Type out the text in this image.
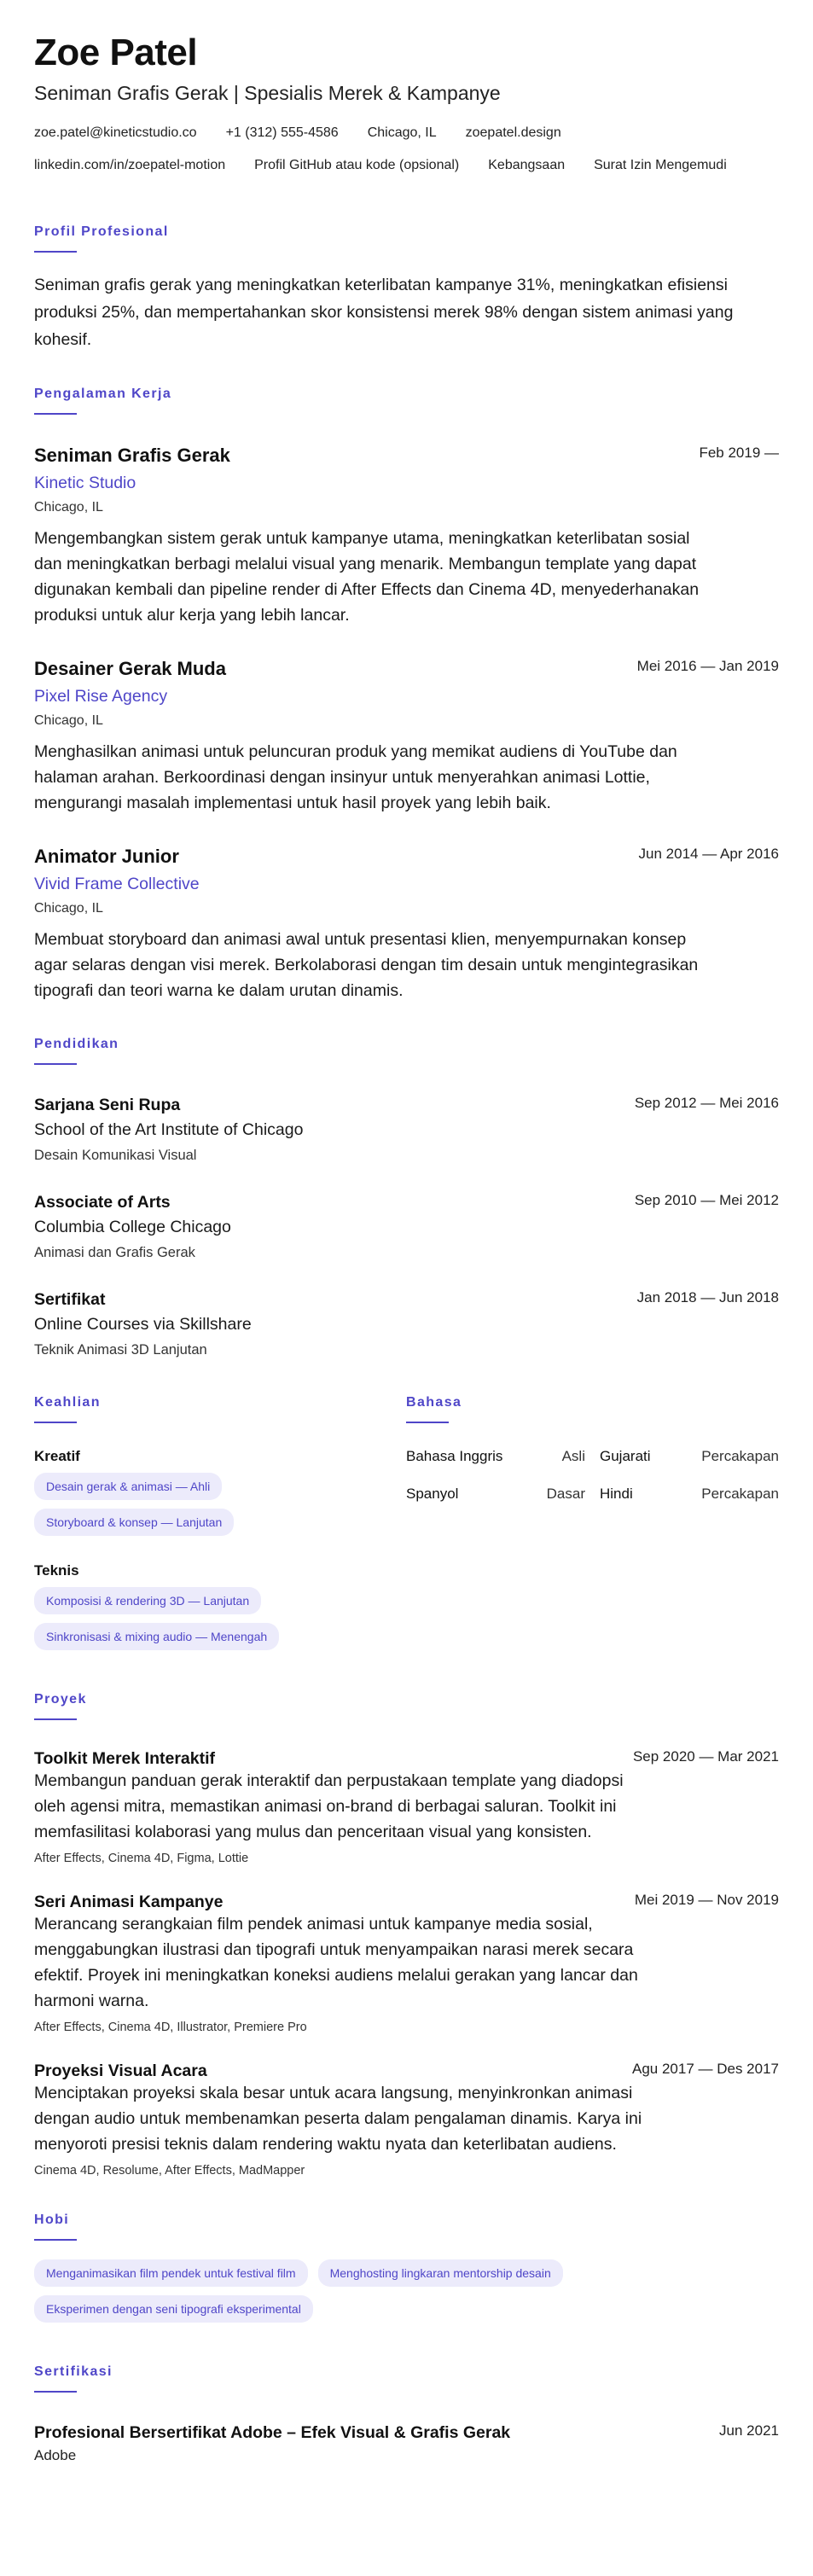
Zoe Patel
Seniman Grafis Gerak | Spesialis Merek & Kampanye
zoe.patel@kineticstudio.co +1 (312) 555-4586 Chicago, IL zoepatel.design
linkedin.com/in/zoepatel-motion Profil GitHub atau kode (opsional) Kebangsaan Surat Izin Mengemudi
Profil Profesional
Seniman grafis gerak yang meningkatkan keterlibatan kampanye 31%, meningkatkan efisiensi produksi 25%, dan mempertahankan skor konsistensi merek 98% dengan sistem animasi yang kohesif.
Pengalaman Kerja
Seniman Grafis Gerak	Feb 2019 —
Kinetic Studio
Chicago, IL
Mengembangkan sistem gerak untuk kampanye utama, meningkatkan keterlibatan sosial dan meningkatkan berbagi melalui visual yang menarik. Membangun template yang dapat digunakan kembali dan pipeline render di After Effects dan Cinema 4D, menyederhanakan produksi untuk alur kerja yang lebih lancar.
Desainer Gerak Muda	Mei 2016 — Jan 2019
Pixel Rise Agency
Chicago, IL
Menghasilkan animasi untuk peluncuran produk yang memikat audiens di YouTube dan halaman arahan. Berkoordinasi dengan insinyur untuk menyerahkan animasi Lottie, mengurangi masalah implementasi untuk hasil proyek yang lebih baik.
Animator Junior	Jun 2014 — Apr 2016
Vivid Frame Collective
Chicago, IL
Membuat storyboard dan animasi awal untuk presentasi klien, menyempurnakan konsep agar selaras dengan visi merek. Berkolaborasi dengan tim desain untuk mengintegrasikan tipografi dan teori warna ke dalam urutan dinamis.
Pendidikan
Sarjana Seni Rupa	Sep 2012 — Mei 2016
School of the Art Institute of Chicago
Desain Komunikasi Visual
Associate of Arts	Sep 2010 — Mei 2012
Columbia College Chicago
Animasi dan Grafis Gerak
Sertifikat	Jan 2018 — Jun 2018
Online Courses via Skillshare
Teknik Animasi 3D Lanjutan
Keahlian
Kreatif
Desain gerak & animasi — Ahli
Storyboard & konsep — Lanjutan
Teknis
Komposisi & rendering 3D — Lanjutan
Sinkronisasi & mixing audio — Menengah
Bahasa
Bahasa Inggris	Asli Gujarati	Percakapan
Spanyol	Dasar Hindi	Percakapan
Proyek
Toolkit Merek Interaktif	Sep 2020 — Mar 2021
Membangun panduan gerak interaktif dan perpustakaan template yang diadopsi oleh agensi mitra, memastikan animasi on-brand di berbagai saluran. Toolkit ini memfasilitasi kolaborasi yang mulus dan penceritaan visual yang konsisten.
After Effects, Cinema 4D, Figma, Lottie
Seri Animasi Kampanye	Mei 2019 — Nov 2019
Merancang serangkaian film pendek animasi untuk kampanye media sosial, menggabungkan ilustrasi dan tipografi untuk menyampaikan narasi merek secara efektif. Proyek ini meningkatkan koneksi audiens melalui gerakan yang lancar dan harmoni warna.
After Effects, Cinema 4D, Illustrator, Premiere Pro
Proyeksi Visual Acara	Agu 2017 — Des 2017
Menciptakan proyeksi skala besar untuk acara langsung, menyinkronkan animasi dengan audio untuk membenamkan peserta dalam pengalaman dinamis. Karya ini menyoroti presisi teknis dalam rendering waktu nyata dan keterlibatan audiens.
Cinema 4D, Resolume, After Effects, MadMapper
Hobi
Menganimasikan film pendek untuk festival film	Menghosting lingkaran mentorship desain
Eksperimen dengan seni tipografi eksperimental
Sertifikasi
Profesional Bersertifikat Adobe – Efek Visual & Grafis Gerak	Jun 2021
Adobe
